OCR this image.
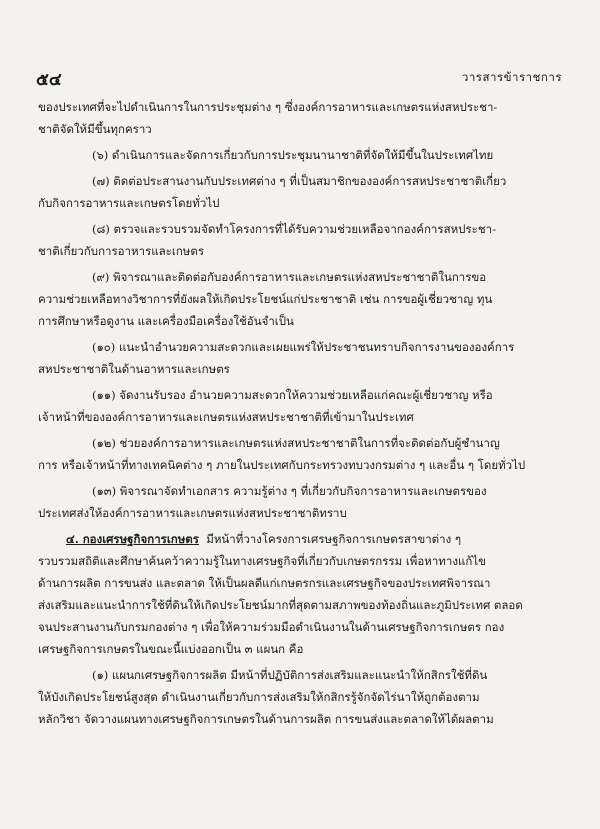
๕๔	วารสารข้าราชการ
ของประเทศที่จะไปดำเนินการในการประชุมต่าง ๆ ซึ่งองค์การอาหารและเกษตรแห่งสหประชา-
ชาติจัดให้มีขึ้นทุกคราว
(๖) ดำเนินการและจัดการเกี่ยวกับการประชุมนานาชาติที่จัดให้มีขึ้นในประเทศไทย
(๗) ติดต่อประสานงานกับประเทศต่าง ๆ ที่เป็นสมาชิกขององค์การสหประชาชาติเกี่ยว
กับกิจการอาหารและเกษตรโดยทั่วไป
(๘) ตรวจและรวบรวมจัดทำโครงการที่ได้รับความช่วยเหลือจากองค์การสหประชา-
ชาติเกี่ยวกับการอาหารและเกษตร
(๙) พิจารณาและติดต่อกับองค์การอาหารและเกษตรแห่งสหประชาชาติในการขอ
ความช่วยเหลือทางวิชาการที่ยังผลให้เกิดประโยชน์แก่ประชาชาติ เช่น การขอผู้เชี่ยวชาญ ทุน
การศึกษาหรือดูงาน และเครื่องมือเครื่องใช้อันจำเป็น
(๑๐) แนะนำอำนวยความสะดวกและเผยแพร่ให้ประชาชนทราบกิจการงานขององค์การ
สหประชาชาติในด้านอาหารและเกษตร
(๑๑) จัดงานรับรอง อำนวยความสะดวกให้ความช่วยเหลือแก่คณะผู้เชี่ยวชาญ หรือ
เจ้าหน้าที่ขององค์การอาหารและเกษตรแห่งสหประชาชาติที่เข้ามาในประเทศ
(๑๒) ช่วยองค์การอาหารและเกษตรแห่งสหประชาชาติในการที่จะติดต่อกับผู้ชำนาญ
การ หรือเจ้าหน้าที่ทางเทคนิคต่าง ๆ ภายในประเทศกับกระทรวงทบวงกรมต่าง ๆ และอื่น ๆ โดยทั่วไป
(๑๓) พิจารณาจัดทำเอกสาร ความรู้ต่าง ๆ ที่เกี่ยวกับกิจการอาหารและเกษตรของ
ประเทศส่งให้องค์การอาหารและเกษตรแห่งสหประชาชาติทราบ
๔. กองเศรษฐกิจการเกษตร มีหน้าที่วางโครงการเศรษฐกิจการเกษตรสาขาต่าง ๆ
รวบรวมสถิติและศึกษาค้นคว้าความรู้ในทางเศรษฐกิจที่เกี่ยวกับเกษตรกรรม เพื่อหาทางแก้ไข
ด้านการผลิต การขนส่ง และตลาด ให้เป็นผลดีแก่เกษตรกรและเศรษฐกิจของประเทศพิจารณา
ส่งเสริมและแนะนำการใช้ที่ดินให้เกิดประโยชน์มากที่สุดตามสภาพของท้องถิ่นและภูมิประเทศ ตลอด
จนประสานงานกับกรมกองต่าง ๆ เพื่อให้ความร่วมมือดำเนินงานในด้านเศรษฐกิจการเกษตร กอง
เศรษฐกิจการเกษตรในขณะนี้แบ่งออกเป็น ๓ แผนก คือ
(๑) แผนกเศรษฐกิจการผลิต มีหน้าที่ปฏิบัติการส่งเสริมและแนะนำให้กสิกรใช้ที่ดิน
ให้บังเกิดประโยชน์สูงสุด ดำเนินงานเกี่ยวกับการส่งเสริมให้กสิกรรู้จักจัดไร่นาให้ถูกต้องตาม
หลักวิชา จัดวางแผนทางเศรษฐกิจการเกษตรในด้านการผลิต การขนส่งและตลาดให้ได้ผลตาม
